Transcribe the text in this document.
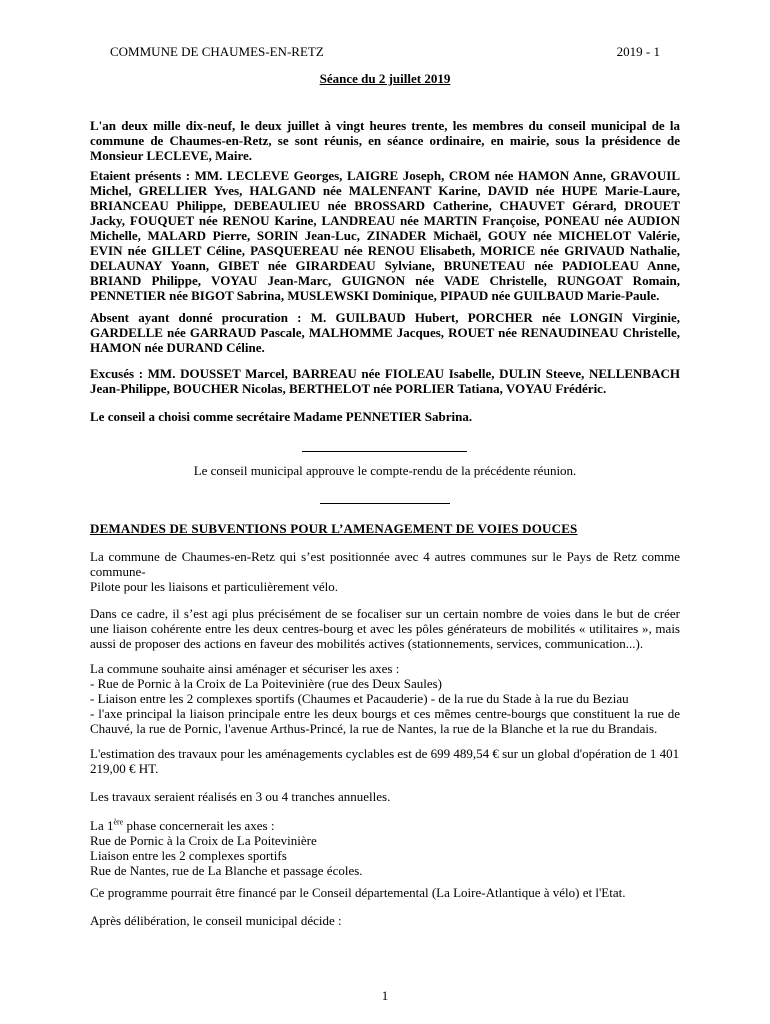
COMMUNE DE CHAUMES-EN-RETZ	2019 - 1
Séance du 2 juillet 2019
L'an deux mille dix-neuf, le deux juillet à vingt heures trente, les membres du conseil municipal de la commune de Chaumes-en-Retz, se sont réunis, en séance ordinaire, en mairie, sous la présidence de Monsieur LECLEVE, Maire.
Etaient présents : MM. LECLEVE Georges, LAIGRE Joseph, CROM née HAMON Anne, GRAVOUIL Michel, GRELLIER Yves, HALGAND née MALENFANT Karine, DAVID née HUPE Marie-Laure, BRIANCEAU Philippe, DEBEAULIEU née BROSSARD Catherine, CHAUVET Gérard, DROUET Jacky, FOUQUET née RENOU Karine, LANDREAU née MARTIN Françoise, PONEAU née AUDION Michelle, MALARD Pierre, SORIN Jean-Luc, ZINADER Michaël, GOUY née MICHELOT Valérie, EVIN née GILLET Céline, PASQUEREAU née RENOU Elisabeth, MORICE née GRIVAUD Nathalie, DELAUNAY Yoann, GIBET née GIRARDEAU Sylviane, BRUNETEAU née PADIOLEAU Anne, BRIAND Philippe, VOYAU Jean-Marc, GUIGNON née VADE Christelle, RUNGOAT Romain, PENNETIER née BIGOT Sabrina, MUSLEWSKI Dominique, PIPAUD née GUILBAUD Marie-Paule.
Absent ayant donné procuration : M. GUILBAUD Hubert, PORCHER née LONGIN Virginie, GARDELLE née GARRAUD Pascale, MALHOMME Jacques, ROUET née RENAUDINEAU Christelle, HAMON née DURAND Céline.
Excusés : MM. DOUSSET Marcel, BARREAU née FIOLEAU Isabelle, DULIN Steeve, NELLENBACH Jean-Philippe, BOUCHER Nicolas, BERTHELOT née PORLIER Tatiana, VOYAU Frédéric.
Le conseil a choisi comme secrétaire Madame PENNETIER Sabrina.
Le conseil municipal approuve le compte-rendu de la précédente réunion.
DEMANDES DE SUBVENTIONS POUR L’AMENAGEMENT DE VOIES DOUCES
La commune de Chaumes-en-Retz qui s’est positionnée avec 4 autres communes sur le Pays de Retz comme commune-
Pilote pour les liaisons et particulièrement vélo.
Dans ce cadre, il s’est agi plus précisément de se focaliser sur un certain nombre de voies dans le but de créer une liaison cohérente entre les deux centres-bourg et avec les pôles générateurs de mobilités « utilitaires », mais aussi de proposer des actions en faveur des mobilités actives (stationnements, services, communication...).
La commune souhaite ainsi aménager et sécuriser les axes :
- Rue de Pornic à la Croix de La Poitevinière (rue des Deux Saules)
- Liaison entre les 2 complexes sportifs (Chaumes et Pacauderie) - de la rue du Stade à la rue du Beziau
- l'axe principal la liaison principale entre les deux bourgs et ces mêmes centre-bourgs que constituent la rue de Chauvé, la rue de Pornic, l'avenue Arthus-Princé, la rue de Nantes, la rue de la Blanche et la rue du Brandais.
L'estimation des travaux pour les aménagements cyclables est de 699 489,54 € sur un global d'opération de 1 401 219,00 € HT.
Les travaux seraient réalisés en 3 ou 4 tranches annuelles.
La 1ère phase concernerait les axes :
Rue de Pornic à la Croix de La Poitevinière
Liaison entre les 2 complexes sportifs
Rue de Nantes, rue de La Blanche et passage écoles.
Ce programme pourrait être financé par le Conseil départemental (La Loire-Atlantique à vélo) et l'Etat.
Après délibération, le conseil municipal décide :
1
